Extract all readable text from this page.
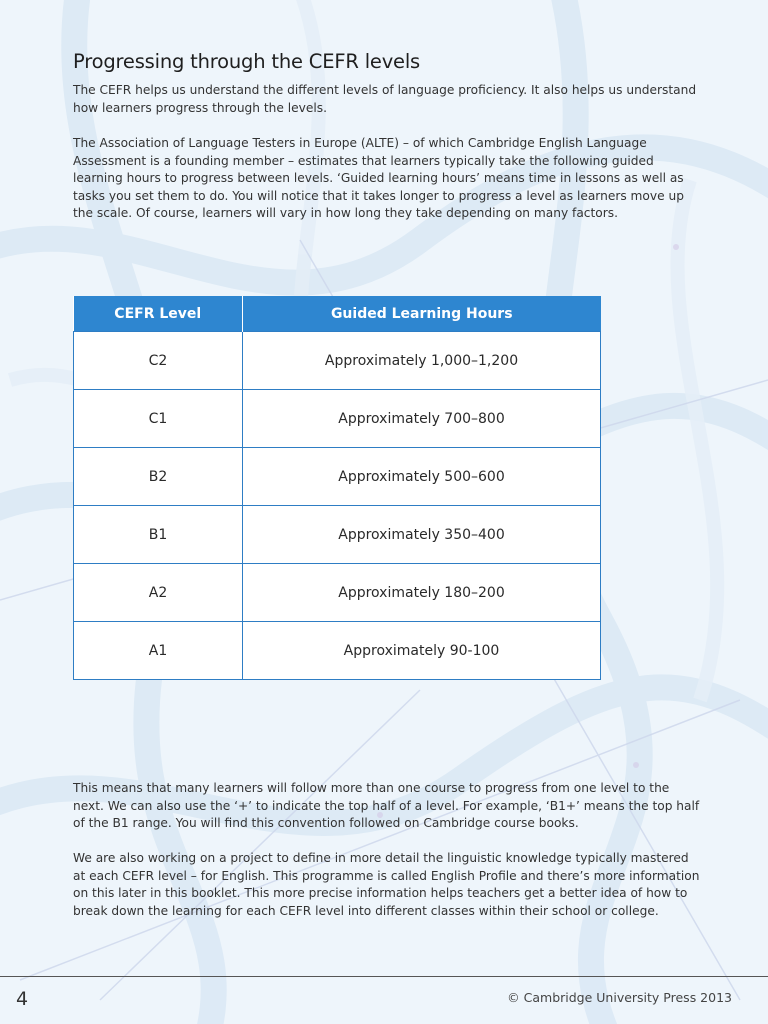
Progressing through the CEFR levels

The CEFR helps us understand the different levels of language proficiency. It also helps us understand how learners progress through the levels.

The Association of Language Testers in Europe (ALTE) – of which Cambridge English Language Assessment is a founding member – estimates that learners typically take the following guided learning hours to progress between levels. ‘Guided learning hours’ means time in lessons as well as tasks you set them to do. You will notice that it takes longer to progress a level as learners move up the scale. Of course, learners will vary in how long they take depending on many factors.

CEFR Level	Guided Learning Hours
C2	Approximately 1,000–1,200
C1	Approximately 700–800
B2	Approximately 500–600
B1	Approximately 350–400
A2	Approximately 180–200
A1	Approximately 90-100

This means that many learners will follow more than one course to progress from one level to the next. We can also use the ‘+’ to indicate the top half of a level. For example, ‘B1+’ means the top half of the B1 range. You will find this convention followed on Cambridge course books.

We are also working on a project to define in more detail the linguistic knowledge typically mastered at each CEFR level – for English. This programme is called English Profile and there’s more information on this later in this booklet. This more precise information helps teachers get a better idea of how to break down the learning for each CEFR level into different classes within their school or college.

4	© Cambridge University Press 2013
